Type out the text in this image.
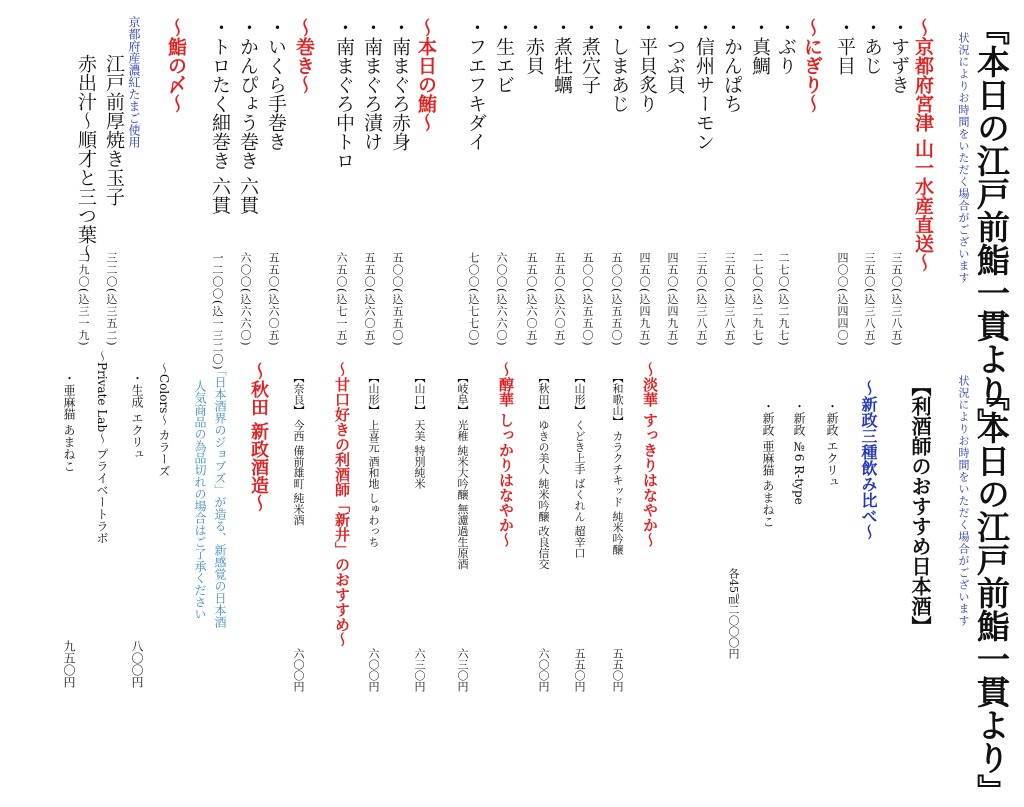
『本日の江戸前鮨一貫より』
状況によりお時間をいただく場合がございます
〜京都府宮津 山一水産直送〜
・すずき
三五〇(込三八五)
・あじ
三五〇(込三八五)
・平目
四〇〇(込四四〇)
〜にぎり〜
・ぶり
二七〇(込二九七)
・真鯛
二七〇(込二九七)
・かんぱち
三五〇(込三八五)
・信州サーモン
三五〇(込三八五)
・つぶ貝
四五〇(込四九五)
・平貝炙り
四五〇(込四九五)
・しまあじ
五〇〇(込五五〇)
・煮穴子
五〇〇(込五五〇)
・煮牡蠣
五五〇(込六〇五)
・赤貝
五五〇(込六〇五)
・生エビ
六〇〇(込六六〇)
・フエフキダイ
七〇〇(込七七〇)
〜本日の鮪〜
・南まぐろ赤身
五〇〇(込五五〇)
・南まぐろ漬け
五五〇(込六〇五)
・南まぐろ中トロ
六五〇(込七一五)
〜巻き〜
・いくら手巻き
五五〇(込六〇五)
・かんぴょう巻き 六貫
六〇〇(込六六〇)
・トロたく細巻き 六貫
一二〇〇(込一三二〇)
〜鮨の〆〜
江戸前厚焼き玉子
三二〇(込三五二)
赤出汁〜順才と三つ葉〜
二九〇(込三一九)
京都府産濃紅たまご使用
『本日の江戸前鮨一貫より』
状況によりお時間をいただく場合がございます
【利酒師のおすすめ日本酒】
〜新政三種飲み比べ〜
・新政 エクリュ
・新政 №6 R-type
・新政 亜麻猫 あまねこ
各45㎖二〇〇〇円
〜淡華 すっきりはなやか〜
【和歌山】 カラクチキッド 純米吟醸
五五〇円
【山形】 くどき上手 ばくれん 超辛口
五五〇円
【秋田】 ゆきの美人 純米吟醸 改良信交
六〇〇円
〜醇華 しっかりはなやか〜
【岐阜】 光稚 純米大吟醸 無濾過生原酒
六三〇円
【山口】 天美 特別純米
六三〇円
〜甘口好きの利酒師「新井」のおすすめ〜 【山形】 上喜元 酒和地 しゅわっち
六〇〇円
【奈良】 今西 備前雄町 純米酒
六〇〇円
〜秋田 新政酒造〜
「日本酒界のジョブズ」が造る、新感覚の日本酒
人気商品の為品切れの場合はご了承ください
〜Colors〜 カラーズ
・生成 エクリュ
八〇〇円
〜Private Lab〜 プライベートラボ
・亜麻猫 あまねこ
九五〇円
